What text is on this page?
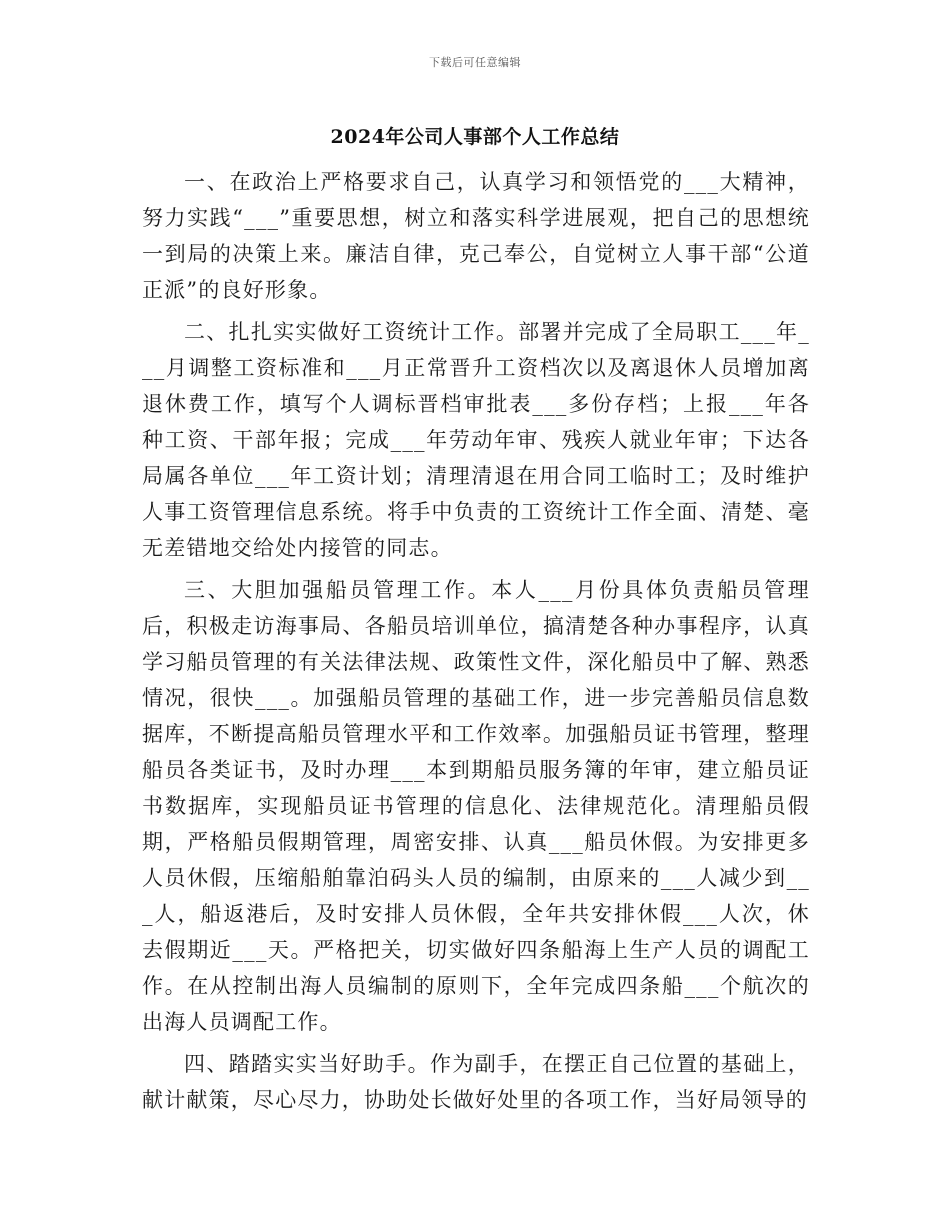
下载后可任意编辑
2024年公司人事部个人工作总结

一、在政治上严格要求自己，认真学习和领悟党的___大精神，努力实践“___”重要思想，树立和落实科学进展观，把自己的思想统一到局的决策上来。廉洁自律，克己奉公，自觉树立人事干部“公道正派”的良好形象。

二、扎扎实实做好工资统计工作。部署并完成了全局职工___年___月调整工资标准和___月正常晋升工资档次以及离退休人员增加离退休费工作，填写个人调标晋档审批表___多份存档；上报___年各种工资、干部年报；完成___年劳动年审、残疾人就业年审；下达各局属各单位___年工资计划；清理清退在用合同工临时工；及时维护人事工资管理信息系统。将手中负责的工资统计工作全面、清楚、毫无差错地交给处内接管的同志。

三、大胆加强船员管理工作。本人___月份具体负责船员管理后，积极走访海事局、各船员培训单位，搞清楚各种办事程序，认真学习船员管理的有关法律法规、政策性文件，深化船员中了解、熟悉情况，很快___。加强船员管理的基础工作，进一步完善船员信息数据库，不断提高船员管理水平和工作效率。加强船员证书管理，整理船员各类证书，及时办理___本到期船员服务簿的年审，建立船员证书数据库，实现船员证书管理的信息化、法律规范化。清理船员假期，严格船员假期管理，周密安排、认真___船员休假。为安排更多人员休假，压缩船舶靠泊码头人员的编制，由原来的___人减少到___人，船返港后，及时安排人员休假，全年共安排休假___人次，休去假期近___天。严格把关，切实做好四条船海上生产人员的调配工作。在从控制出海人员编制的原则下，全年完成四条船___个航次的出海人员调配工作。

四、踏踏实实当好助手。作为副手，在摆正自己位置的基础上，献计献策，尽心尽力，协助处长做好处里的各项工作，当好局领导的
